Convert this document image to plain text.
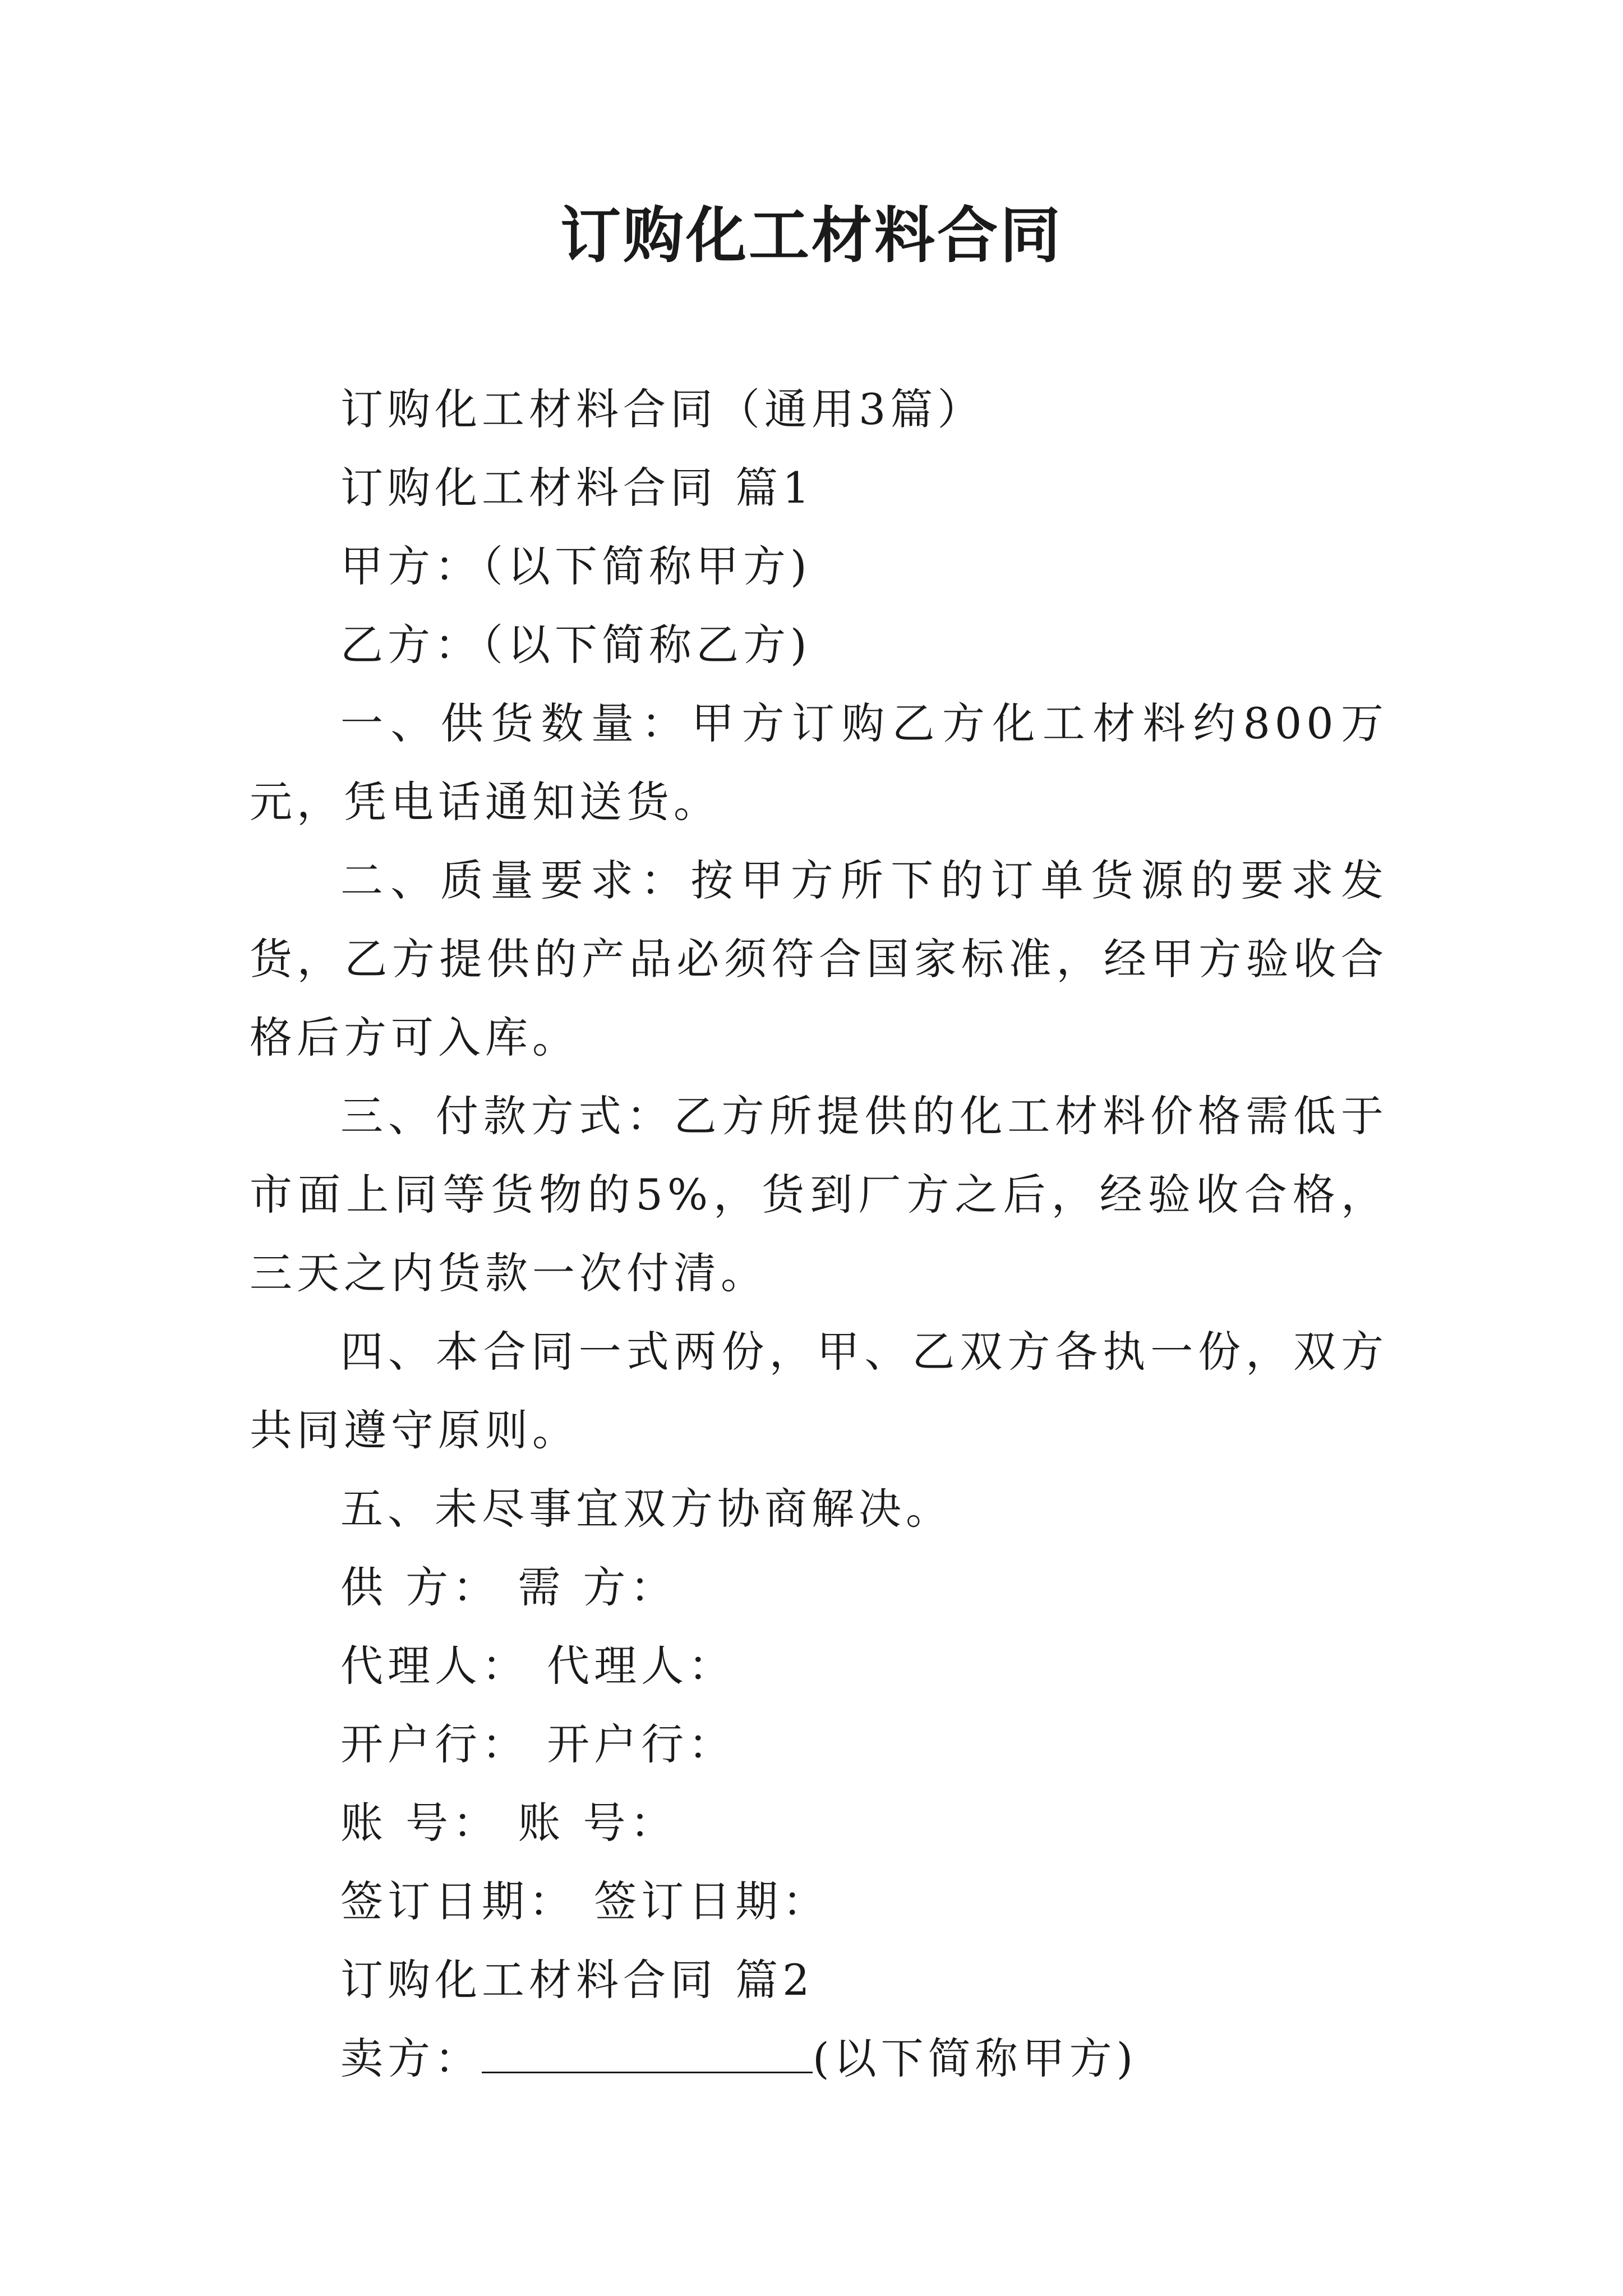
订购化工材料合同

订购化工材料合同（通用3篇）

订购化工材料合同 篇1

甲方：（以下简称甲方)

乙方：（以下简称乙方)

一、供货数量：甲方订购乙方化工材料约800万元，凭电话通知送货。

二、质量要求：按甲方所下的订单货源的要求发货，乙方提供的产品必须符合国家标准，经甲方验收合格后方可入库。

三、付款方式：乙方所提供的化工材料价格需低于市面上同等货物的5%，货到厂方之后，经验收合格，三天之内货款一次付清。

四、本合同一式两份，甲、乙双方各执一份，双方共同遵守原则。

五、未尽事宜双方协商解决。

供 方： 需 方：

代理人： 代理人：

开户行： 开户行：

账 号： 账 号：

签订日期： 签订日期：

订购化工材料合同 篇2

卖方：	(以下简称甲方)
